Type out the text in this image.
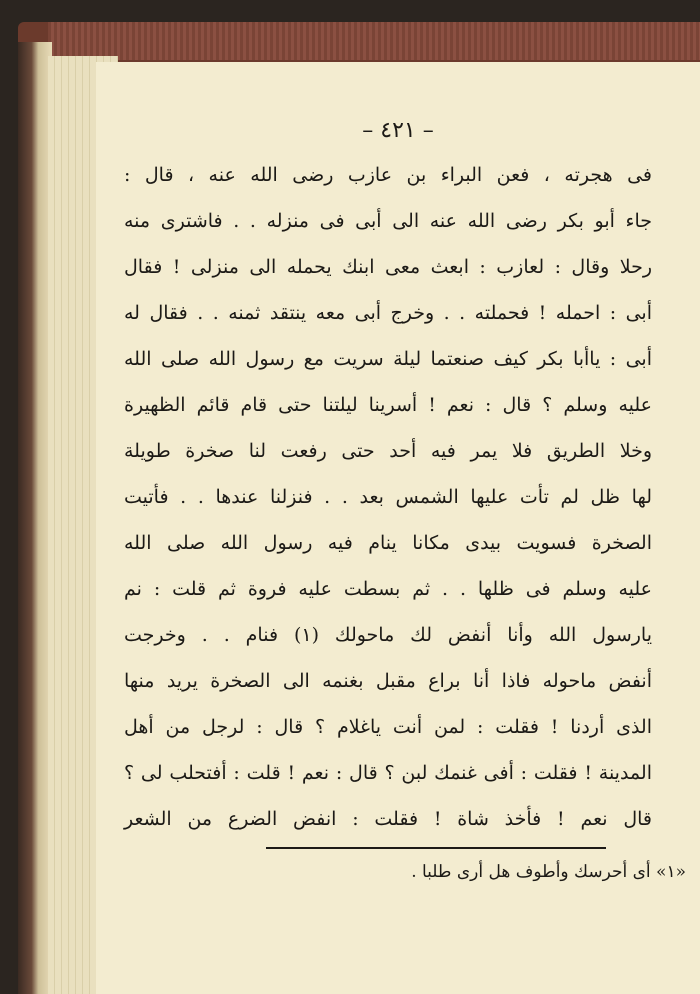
– ٤٢١ –
فى هجرته ، فعن البراء بن عازب رضى الله عنه ، قال :
جاء أبو بكر رضى الله عنه الى أبى فى منزله . . فاشترى منه
رحلا وقال : لعازب : ابعث معى ابنك يحمله الى منزلى ! فقال
أبى : احمله ! فحملته . . وخرج أبى معه ينتقد ثمنه . . فقال له
أبى : ياأبا بكر كيف صنعتما ليلة سريت مع رسول الله صلى الله
عليه وسلم ؟ قال : نعم ! أسرينا ليلتنا حتى قام قائم الظهيرة
وخلا الطريق فلا يمر فيه أحد حتى رفعت لنا صخرة طويلة
لها ظل لم تأت عليها الشمس بعد . . فنزلنا عندها . . فأتيت
الصخرة فسويت بيدى مكانا ينام فيه رسول الله صلى الله
عليه وسلم فى ظلها . . ثم بسطت عليه فروة ثم قلت : نم
يارسول الله وأنا أنفض لك ماحولك (١) فنام . . وخرجت
أنفض ماحوله فاذا أنا براع مقبل بغنمه الى الصخرة يريد منها
الذى أردنا ! فقلت : لمن أنت ياغلام ؟ قال : لرجل من أهل
المدينة ! فقلت : أفى غنمك لبن ؟ قال : نعم ! قلت : أفتحلب لى ؟
قال نعم ! فأخذ شاة ! فقلت : انفض الضرع من الشعر
«١» أى أحرسك وأطوف هل أرى طلبا .
